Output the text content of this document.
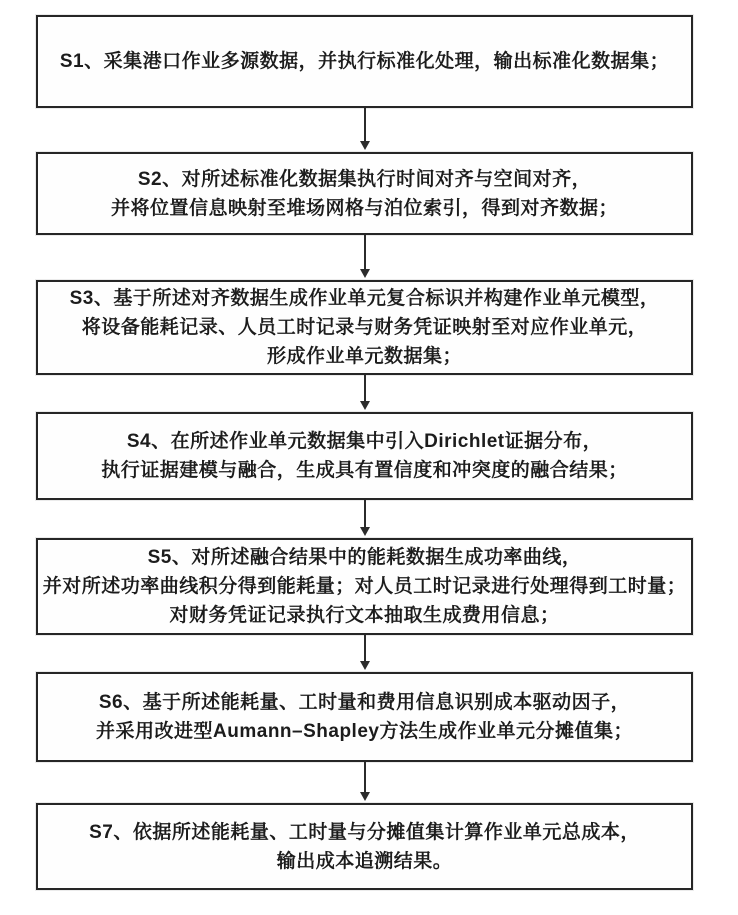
S1、采集港口作业多源数据，并执行标准化处理，输出标准化数据集；
S2、对所述标准化数据集执行时间对齐与空间对齐，
并将位置信息映射至堆场网格与泊位索引，得到对齐数据；
S3、基于所述对齐数据生成作业单元复合标识并构建作业单元模型，
将设备能耗记录、人员工时记录与财务凭证映射至对应作业单元，
形成作业单元数据集；
S4、在所述作业单元数据集中引入Dirichlet证据分布，
执行证据建模与融合，生成具有置信度和冲突度的融合结果；
S5、对所述融合结果中的能耗数据生成功率曲线，
并对所述功率曲线积分得到能耗量；对人员工时记录进行处理得到工时量；
对财务凭证记录执行文本抽取生成费用信息；
S6、基于所述能耗量、工时量和费用信息识别成本驱动因子，
并采用改进型Aumann–Shapley方法生成作业单元分摊值集；
S7、依据所述能耗量、工时量与分摊值集计算作业单元总成本，
输出成本追溯结果。
